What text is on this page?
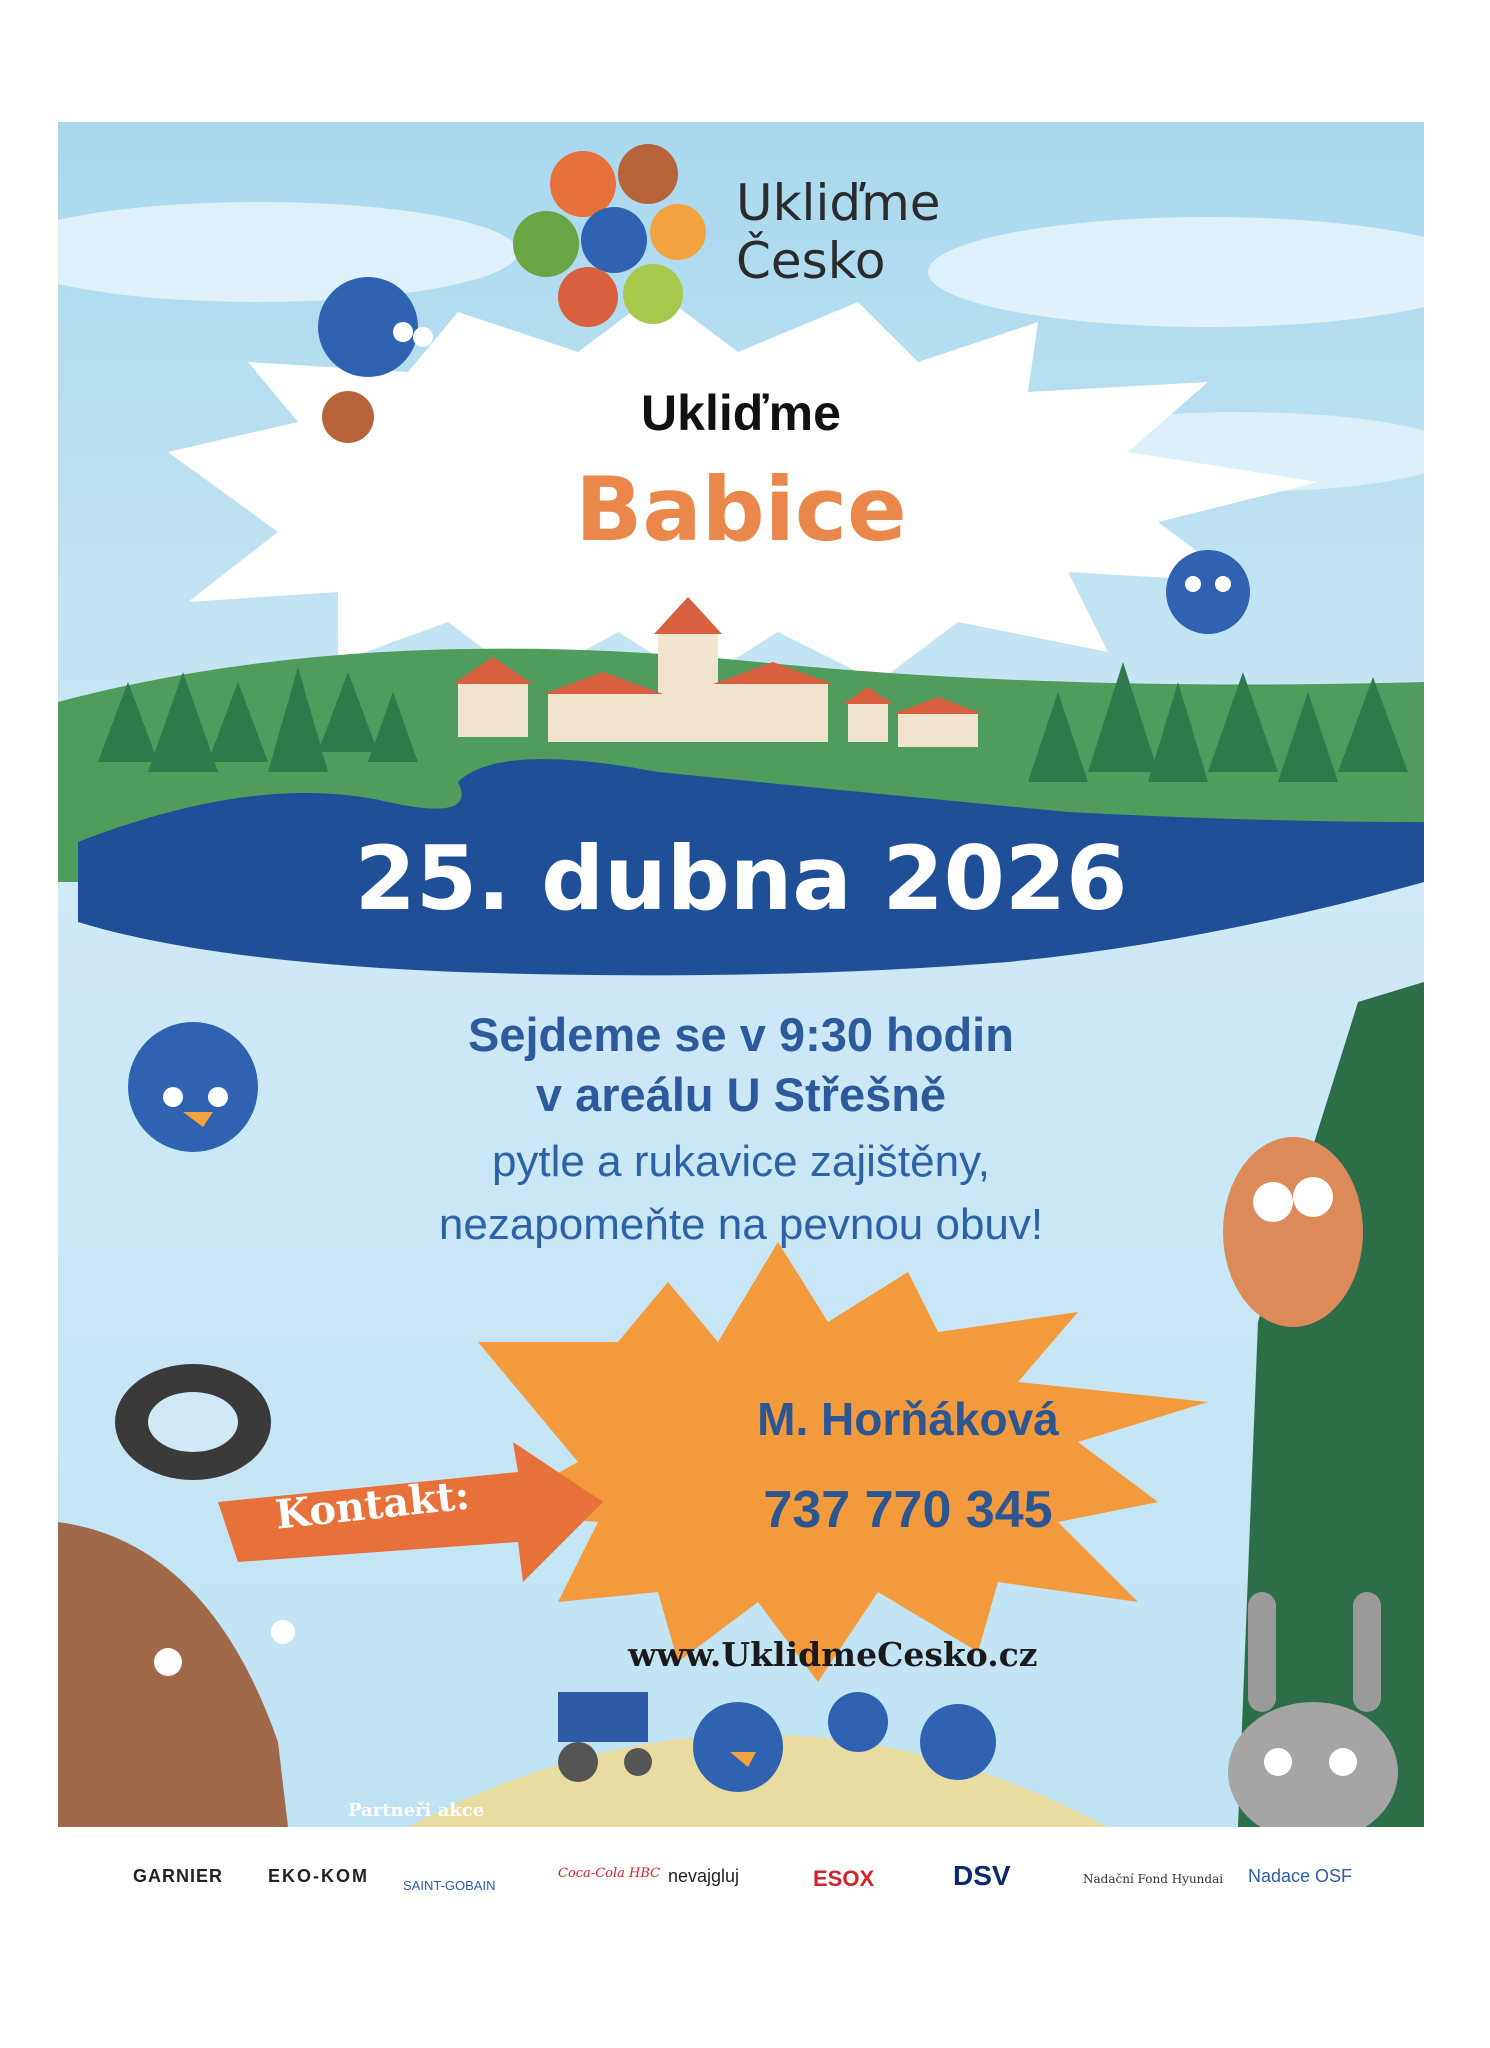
Ukliďme
Česko
Ukliďme
Babice
25. dubna 2026
Sejdeme se v 9:30 hodin
v areálu U Střešně
pytle a rukavice zajištěny,
nezapomeňte na pevnou obuv!
Kontakt:
M. Horňáková
737 770 345
www.UklidmeCesko.cz
Partneři akce
GARNIER EKO-KOM	SAINT-GOBAIN
Coca-Cola HBC nevajgluj	ESOX	DSV	Nadační Fond Hyundai Nadace OSF
